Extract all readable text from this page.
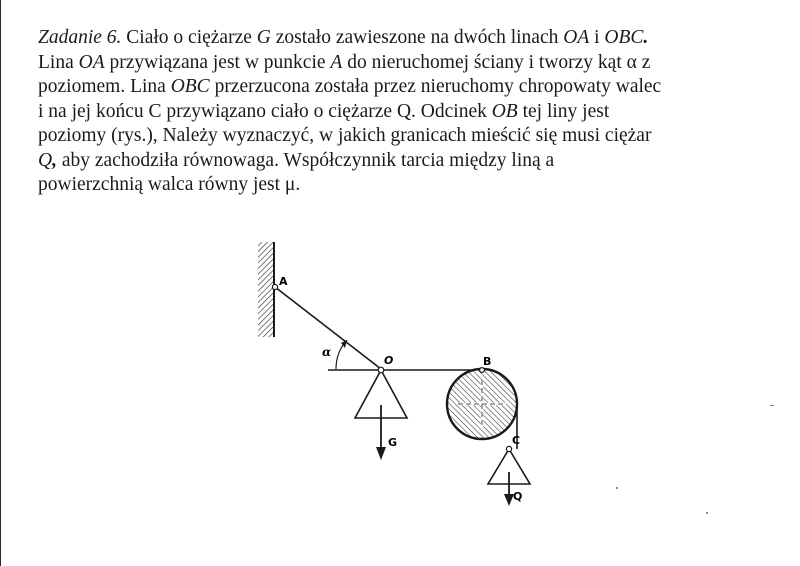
Zadanie 6. Ciało o ciężarze G zostało zawieszone na dwóch linach OA i OBC.
Lina OA przywiązana jest w punkcie A do nieruchomej ściany i tworzy kąt α z
poziomem. Lina OBC przerzucona została przez nieruchomy chropowaty walec
i na jej końcu C przywiązano ciało o ciężarze Q. Odcinek OB tej liny jest
poziomy (rys.), Należy wyznaczyć, w jakich granicach mieścić się musi ciężar
Q, aby zachodziła równowaga. Współczynnik tarcia między liną a
powierzchnią walca równy jest μ.
A
α
O	B
G	C
Q
